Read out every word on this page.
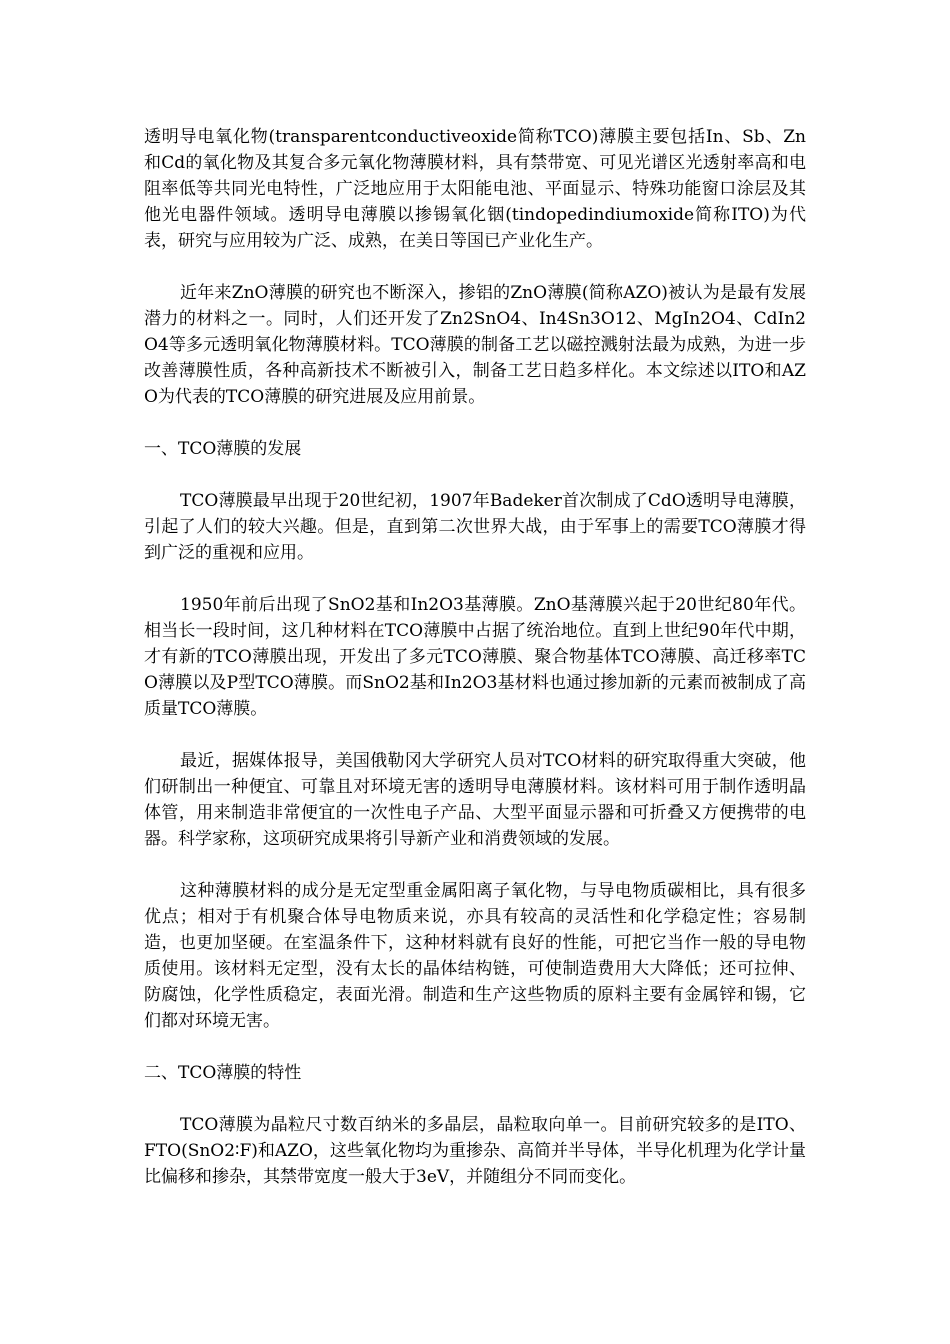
透明导电氧化物(transparentconductiveoxide简称TCO)薄膜主要包括In、Sb、Zn和Cd的氧化物及其复合多元氧化物薄膜材料，具有禁带宽、可见光谱区光透射率高和电阻率低等共同光电特性，广泛地应用于太阳能电池、平面显示、特殊功能窗口涂层及其他光电器件领域。透明导电薄膜以掺锡氧化铟(tindopedindiumoxide简称ITO)为代表，研究与应用较为广泛、成熟，在美日等国已产业化生产。

近年来ZnO薄膜的研究也不断深入，掺铝的ZnO薄膜(简称AZO)被认为是最有发展潜力的材料之一。同时，人们还开发了Zn2SnO4、In4Sn3O12、MgIn2O4、CdIn2O4等多元透明氧化物薄膜材料。TCO薄膜的制备工艺以磁控溅射法最为成熟，为进一步改善薄膜性质，各种高新技术不断被引入，制备工艺日趋多样化。本文综述以ITO和AZO为代表的TCO薄膜的研究进展及应用前景。

一、TCO薄膜的发展

TCO薄膜最早出现于20世纪初，1907年Badeker首次制成了CdO透明导电薄膜，引起了人们的较大兴趣。但是，直到第二次世界大战，由于军事上的需要TCO薄膜才得到广泛的重视和应用。

1950年前后出现了SnO2基和In2O3基薄膜。ZnO基薄膜兴起于20世纪80年代。相当长一段时间，这几种材料在TCO薄膜中占据了统治地位。直到上世纪90年代中期，才有新的TCO薄膜出现，开发出了多元TCO薄膜、聚合物基体TCO薄膜、高迁移率TCO薄膜以及P型TCO薄膜。而SnO2基和In2O3基材料也通过掺加新的元素而被制成了高质量TCO薄膜。

最近，据媒体报导，美国俄勒冈大学研究人员对TCO材料的研究取得重大突破，他们研制出一种便宜、可靠且对环境无害的透明导电薄膜材料。该材料可用于制作透明晶体管，用来制造非常便宜的一次性电子产品、大型平面显示器和可折叠又方便携带的电器。科学家称，这项研究成果将引导新产业和消费领域的发展。

这种薄膜材料的成分是无定型重金属阳离子氧化物，与导电物质碳相比，具有很多优点；相对于有机聚合体导电物质来说，亦具有较高的灵活性和化学稳定性；容易制造，也更加坚硬。在室温条件下，这种材料就有良好的性能，可把它当作一般的导电物质使用。该材料无定型，没有太长的晶体结构链，可使制造费用大大降低；还可拉伸、防腐蚀，化学性质稳定，表面光滑。制造和生产这些物质的原料主要有金属锌和锡，它们都对环境无害。

二、TCO薄膜的特性

TCO薄膜为晶粒尺寸数百纳米的多晶层，晶粒取向单一。目前研究较多的是ITO、FTO(SnO2∶F)和AZO，这些氧化物均为重掺杂、高简并半导体，半导化机理为化学计量比偏移和掺杂，其禁带宽度一般大于3eV，并随组分不同而变化。
